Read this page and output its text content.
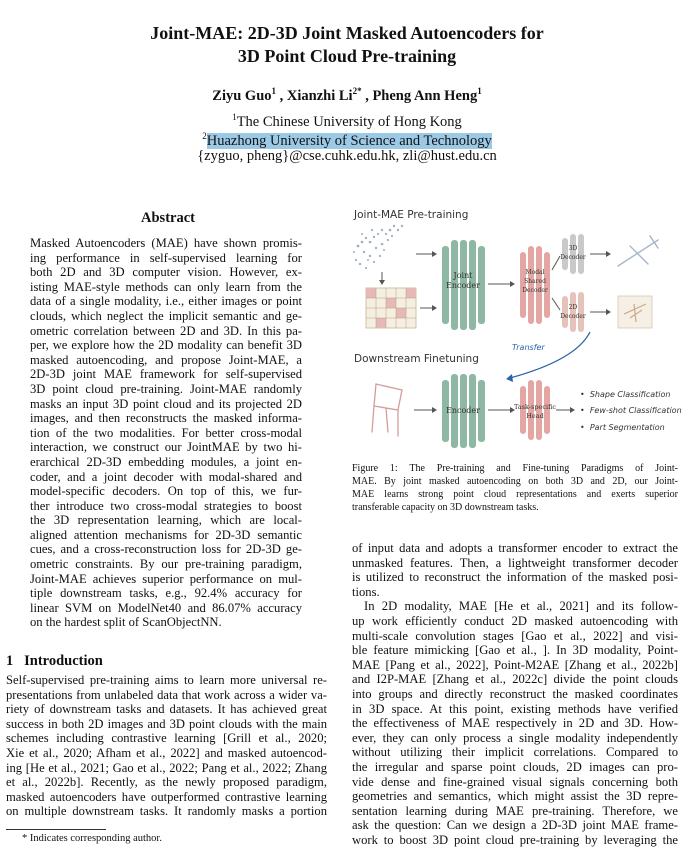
Joint-MAE: 2D-3D Joint Masked Autoencoders for
3D Point Cloud Pre-training
Ziyu Guo$^1$ , Xianzhi $Li^{2*}$ , Pheng Ann Heng$^1$
$^1$The Chinese University of Hong Kong
$^2$Huazhong University of Science and Technology
{zyguo, pheng}@cse.cuhk.edu.hk, zli@hust.edu.cn
Abstract
Masked Autoencoders (MAE) have shown promis-
ing performance in self-supervised learning for
both 2D and 3D computer vision. However, ex-
isting MAE-style methods can only learn from the
data of a single modality, i.e., either images or point
clouds, which neglect the implicit semantic and ge-
ometric correlation between 2D and 3D. In this pa-
per, we explore how the 2D modality can benefit 3D
masked autoencoding, and propose Joint-MAE, a
2D-3D joint MAE framework for self-supervised
3D point cloud pre-training. Joint-MAE randomly
masks an input 3D point cloud and its projected 2D
images, and then reconstructs the masked informa-
tion of the two modalities. For better cross-modal
interaction, we construct our JointMAE by two hi-
erarchical 2D-3D embedding modules, a joint en-
coder, and a joint decoder with modal-shared and
model-specific decoders. On top of this, we fur-
ther introduce two cross-modal strategies to boost
the 3D representation learning, which are local-
aligned attention mechanisms for 2D-3D semantic
cues, and a cross-reconstruction loss for 2D-3D ge-
ometric constraints. By our pre-training paradigm,
Joint-MAE achieves superior performance on mul-
tiple downstream tasks, e.g., 92.4% accuracy for
linear SVM on ModelNet40 and 86.07% accuracy
on the hardest split of ScanObjectNN.
1 Introduction
Self-supervised pre-training aims to learn more universal re-
presentations from unlabeled data that work across a wider va-
riety of downstream tasks and datasets. It has achieved great
success in both 2D images and 3D point clouds with the main
schemes including contrastive learning [Grill et al., 2020;
Xie et al., 2020; Afham et al., 2022] and masked autoencod-
ing [He et al., 2021; Gao et al., 2022; Pang et al., 2022; Zhang
et al., 2022b]. Recently, as the newly proposed paradigm,
masked autoencoders have outperformed contrastive learning
on multiple downstream tasks. It randomly masks a portion
* Indicates corresponding author.
Joint-MAE Pre-training
Joint
Encoder
Modal
Shared
Decoder
3D
Decoder
2D
Decoder
Transfer
Downstream Finetuning
Encoder	Task-specific
Head
•  Shape Classification
•  Few-shot Classification
•  Part Segmentation
Figure 1: The Pre-training and Fine-tuning Paradigms of Joint-
MAE. By joint masked autoencoding on both 3D and 2D, our Joint-
MAE learns strong point cloud representations and exerts superior
transferable capacity on 3D downstream tasks.
of input data and adopts a transformer encoder to extract the
unmasked features. Then, a lightweight transformer decoder
is utilized to reconstruct the information of the masked posi-
tions.
In 2D modality, MAE [He et al., 2021] and its follow-
up work efficiently conduct 2D masked autoencoding with
multi-scale convolution stages [Gao et al., 2022] and visi-
ble feature mimicking [Gao et al., ]. In 3D modality, Point-
MAE [Pang et al., 2022], Point-M2AE [Zhang et al., 2022b]
and I2P-MAE [Zhang et al., 2022c] divide the point clouds
into groups and directly reconstruct the masked coordinates
in 3D space. At this point, existing methods have verified
the effectiveness of MAE respectively in 2D and 3D. How-
ever, they can only process a single modality independently
without utilizing their implicit correlations. Compared to
the irregular and sparse point clouds, 2D images can pro-
vide dense and fine-grained visual signals concerning both
geometries and semantics, which might assist the 3D repre-
sentation learning during MAE pre-training. Therefore, we
ask the question: Can we design a 2D-3D joint MAE frame-
work to boost 3D point cloud pre-training by leveraging the
